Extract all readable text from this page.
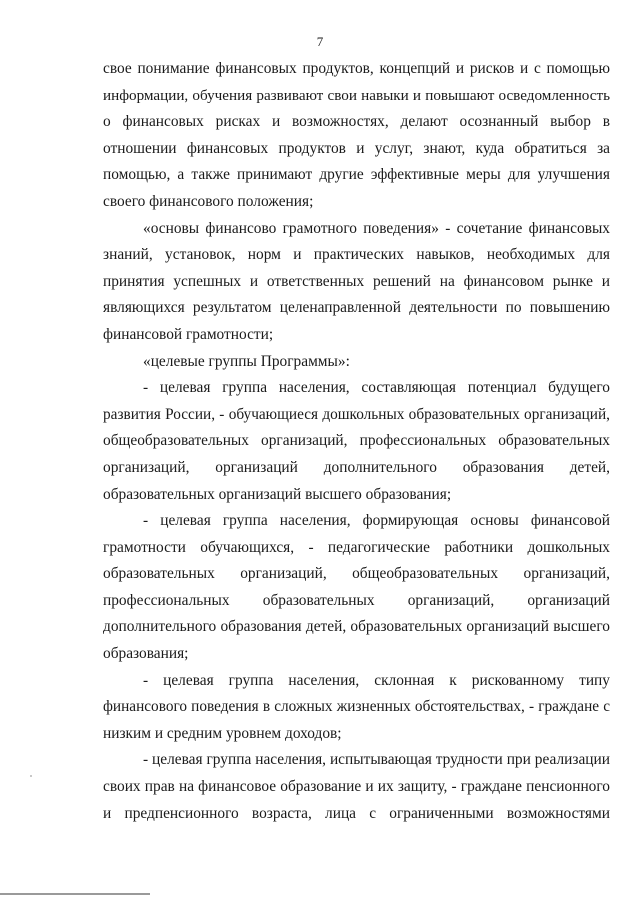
7
свое понимание финансовых продуктов, концепций и рисков и с помощью
информации, обучения развивают свои навыки и повышают осведомленность
о финансовых рисках и возможностях, делают осознанный выбор в
отношении финансовых продуктов и услуг, знают, куда обратиться за
помощью, а также принимают другие эффективные меры для улучшения
своего финансового положения;
«основы финансово грамотного поведения» - сочетание финансовых
знаний, установок, норм и практических навыков, необходимых для
принятия успешных и ответственных решений на финансовом рынке и
являющихся результатом целенаправленной деятельности по повышению
финансовой грамотности;
«целевые группы Программы»:
- целевая группа населения, составляющая потенциал будущего
развития России, - обучающиеся дошкольных образовательных организаций,
общеобразовательных организаций, профессиональных образовательных
организаций, организаций дополнительного образования детей,
образовательных организаций высшего образования;
- целевая группа населения, формирующая основы финансовой
грамотности обучающихся, - педагогические работники дошкольных
образовательных организаций, общеобразовательных организаций,
профессиональных образовательных организаций, организаций
дополнительного образования детей, образовательных организаций высшего
образования;
- целевая группа населения, склонная к рискованному типу
финансового поведения в сложных жизненных обстоятельствах, - граждане с
низким и средним уровнем доходов;
- целевая группа населения, испытывающая трудности при реализации
своих прав на финансовое образование и их защиту, - граждане пенсионного
и предпенсионного возраста, лица с ограниченными возможностями
